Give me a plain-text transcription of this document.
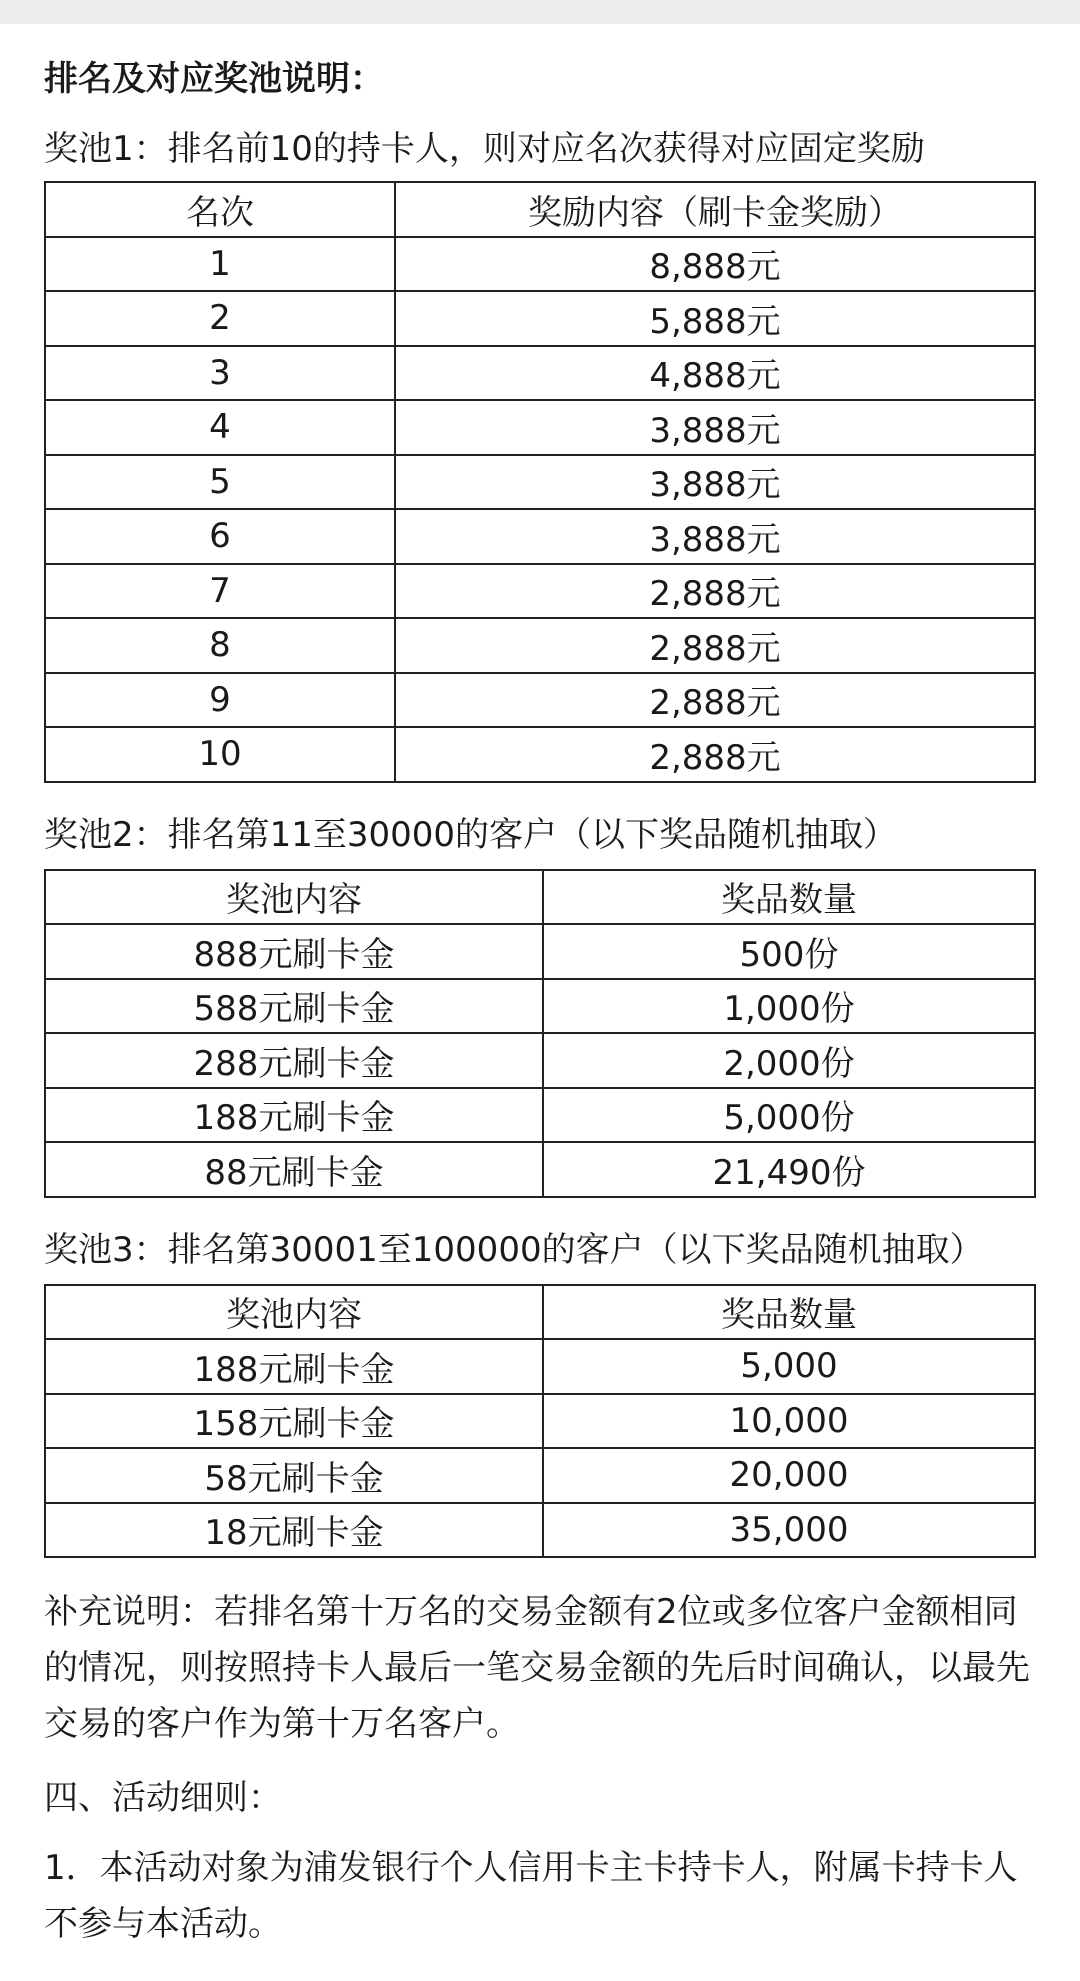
排名及对应奖池说明：
奖池1：排名前10的持卡人，则对应名次获得对应固定奖励
名次	奖励内容（刷卡金奖励）
1	8,888元
2	5,888元
3	4,888元
4	3,888元
5	3,888元
6	3,888元
7	2,888元
8	2,888元
9	2,888元
10	2,888元
奖池2：排名第11至30000的客户（以下奖品随机抽取）
奖池内容	奖品数量
888元刷卡金	500份
588元刷卡金	1,000份
288元刷卡金	2,000份
188元刷卡金	5,000份
88元刷卡金	21,490份
奖池3：排名第30001至100000的客户（以下奖品随机抽取）
奖池内容	奖品数量
188元刷卡金	5,000
158元刷卡金	10,000
58元刷卡金	20,000
18元刷卡金	35,000

补充说明：若排名第十万名的交易金额有2位或多位客户金额相同的情况，则按照持卡人最后一笔交易金额的先后时间确认，以最先交易的客户作为第十万名客户。

四、活动细则：

1．本活动对象为浦发银行个人信用卡主卡持卡人，附属卡持卡人不参与本活动。
